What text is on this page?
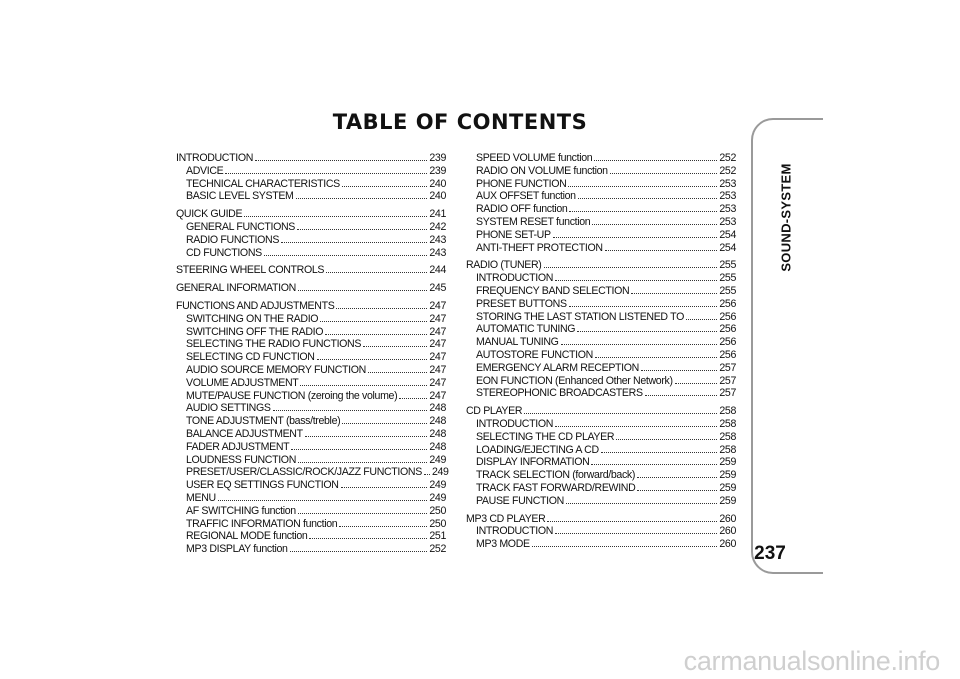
TABLE OF CONTENTS
INTRODUCTION	239
ADVICE	239
TECHNICAL CHARACTERISTICS	240
BASIC LEVEL SYSTEM	240
QUICK GUIDE	241
GENERAL FUNCTIONS	242
RADIO FUNCTIONS	243
CD FUNCTIONS	243
STEERING WHEEL CONTROLS	244
GENERAL INFORMATION	245
FUNCTIONS AND ADJUSTMENTS	247
SWITCHING ON THE RADIO	247
SWITCHING OFF THE RADIO	247
SELECTING THE RADIO FUNCTIONS	247
SELECTING CD FUNCTION	247
AUDIO SOURCE MEMORY FUNCTION	247
VOLUME ADJUSTMENT	247
MUTE/PAUSE FUNCTION (zeroing the volume)	247
AUDIO SETTINGS	248
TONE ADJUSTMENT (bass/treble)	248
BALANCE ADJUSTMENT	248
FADER ADJUSTMENT	248
LOUDNESS FUNCTION	249
PRESET/USER/CLASSIC/ROCK/JAZZ FUNCTIONS 249
USER EQ SETTINGS FUNCTION	249
MENU	249
AF SWITCHING function	250
TRAFFIC INFORMATION function	250
REGIONAL MODE function	251
MP3 DISPLAY function	252
SPEED VOLUME function	252
RADIO ON VOLUME function	252
PHONE FUNCTION	253
AUX OFFSET function	253
RADIO OFF function	253
SYSTEM RESET function	253
PHONE SET-UP	254
ANTI-THEFT PROTECTION	254
RADIO (TUNER)	255
INTRODUCTION	255
FREQUENCY BAND SELECTION	255
PRESET BUTTONS	256
STORING THE LAST STATION LISTENED TO	256
AUTOMATIC TUNING	256
MANUAL TUNING	256
AUTOSTORE FUNCTION	256
EMERGENCY ALARM RECEPTION	257
EON FUNCTION (Enhanced Other Network)	257
STEREOPHONIC BROADCASTERS	257
CD PLAYER	258
INTRODUCTION	258
SELECTING THE CD PLAYER	258
LOADING/EJECTING A CD	258
DISPLAY INFORMATION	259
TRACK SELECTION (forward/back)	259
TRACK FAST FORWARD/REWIND	259
PAUSE FUNCTION	259
MP3 CD PLAYER	260
INTRODUCTION	260
MP3 MODE	260
SOUND-SYSTEM
237
carmanualsonline.info
